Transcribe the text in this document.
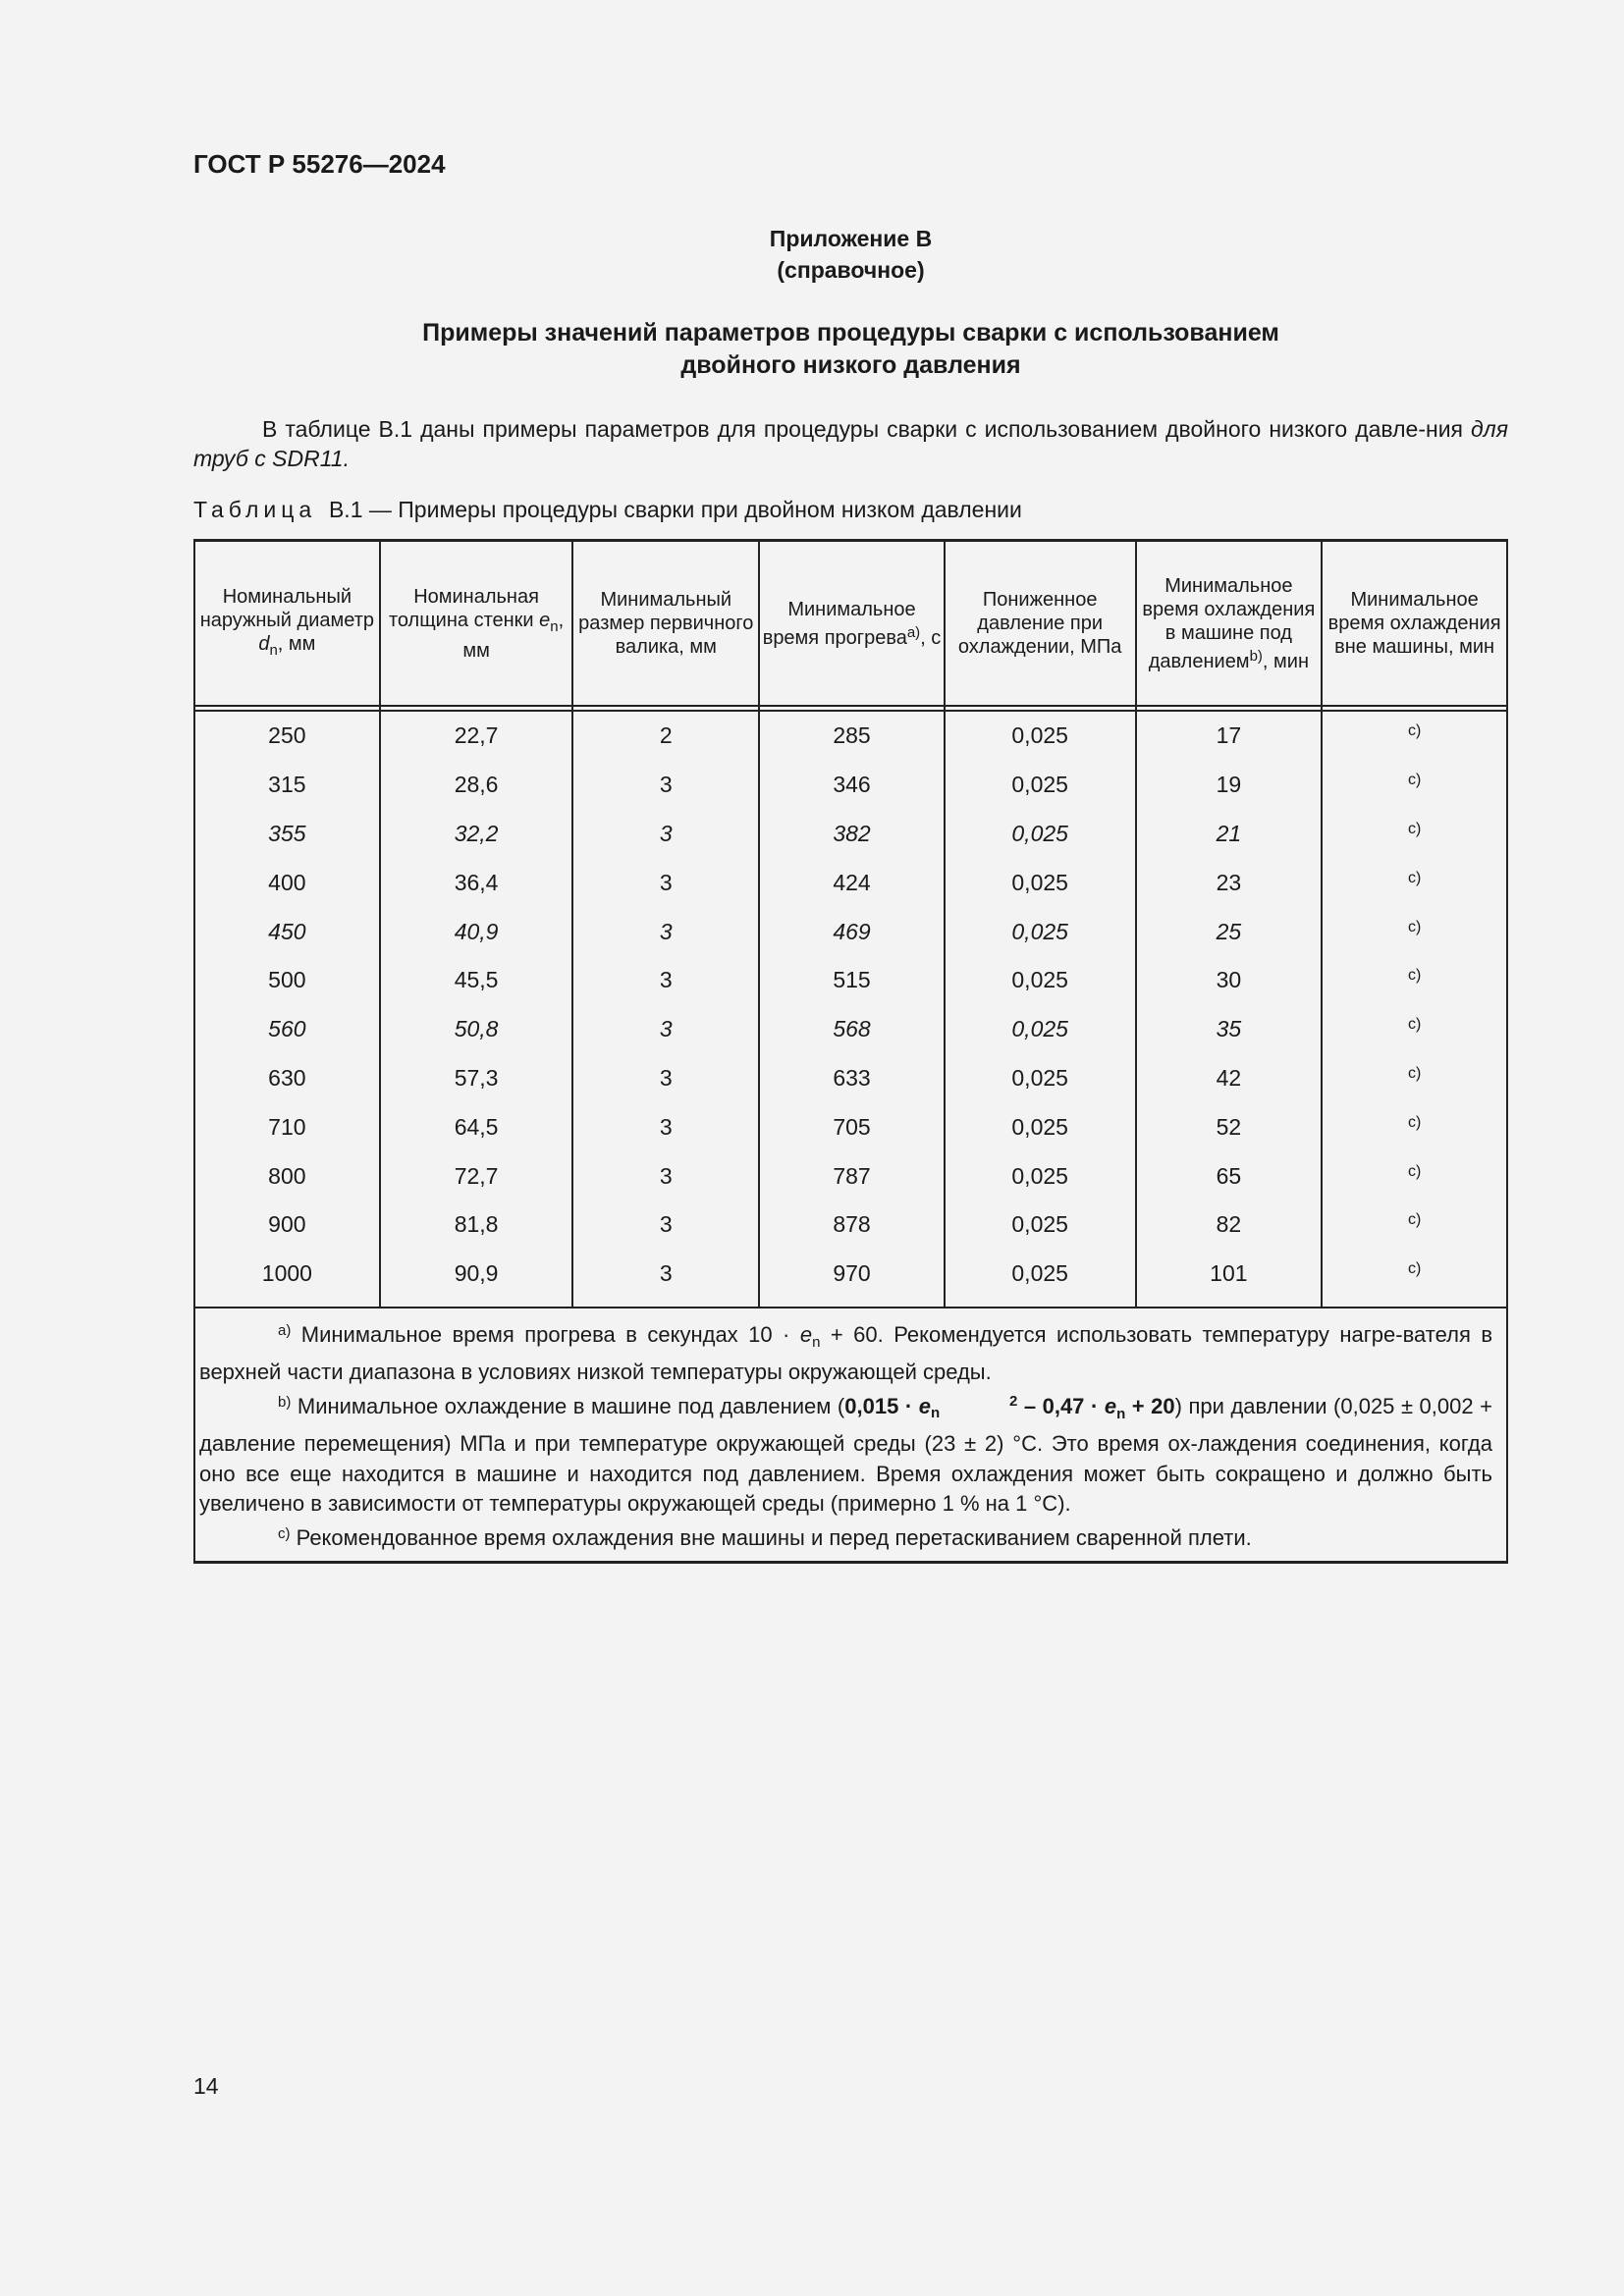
ГОСТ Р 55276—2024
Приложение В
(справочное)
Примеры значений параметров процедуры сварки с использованием
двойного низкого давления
В таблице В.1 даны примеры параметров для процедуры сварки с использованием двойного низкого давле-ния для труб с SDR11.
Таблица В.1 — Примеры процедуры сварки при двойном низком давлении
Номинальный наружный диаметр $d_n$, мм	Номинальная толщина стенки $e_n$, мм	Минимальный размер первичного валика, мм	Минимальное время прогрева$^{a)}$, с	Пониженное давление при охлаждении, МПа	Минимальное время охлаждения в машине под давлением$^{b)}$, мин	Минимальное время охлаждения вне машины, мин

250	22,7	2	285	0,025	17	$^{c)}$
315	28,6	3	346	0,025	19	$^{c)}$
355	32,2	3	382	0,025	21	$^{c)}$
400	36,4	3	424	0,025	23	$^{c)}$
450	40,9	3	469	0,025	25	$^{c)}$
500	45,5	3	515	0,025	30	$^{c)}$
560	50,8	3	568	0,025	35	$^{c)}$
630	57,3	3	633	0,025	42	$^{c)}$
710	64,5	3	705	0,025	52	$^{c)}$
800	72,7	3	787	0,025	65	$^{c)}$
900	81,8	3	878	0,025	82	$^{c)}$
1000	90,9	3	970	0,025	101	$^{c)}$

$^{a)}$ Минимальное время прогрева в секундах $10 \cdot e_n + 60$. Рекомендуется использовать температуру нагре-вателя в верхней части диапазона в условиях низкой температуры окружающей среды.
$^{b)}$ Минимальное охлаждение в машине под давлением (0,015 · e 2
$n - 0,47 \cdot e_n + 20$) при давлении (0,025 ± 0,002 + давление перемещения) МПа и при температуре окружающей среды (23 ± 2) °С. Это время ох-лаждения соединения, когда оно все еще находится в машине и находится под давлением. Время охлаждения может быть сокращено и должно быть увеличено в зависимости от температуры окружающей среды (примерно 1 % на 1 °С).
$^{c)}$ Рекомендованное время охлаждения вне машины и перед перетаскиванием сваренной плети.						
14
